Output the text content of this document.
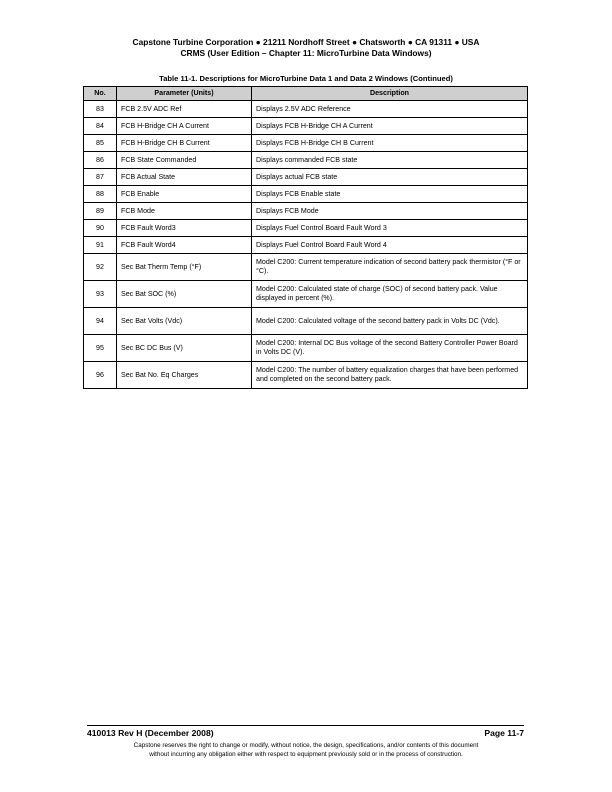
Capstone Turbine Corporation ● 21211 Nordhoff Street ● Chatsworth ● CA 91311 ● USA
CRMS (User Edition – Chapter 11: MicroTurbine Data Windows)
Table 11-1. Descriptions for MicroTurbine Data 1 and Data 2 Windows (Continued)
No.	Parameter (Units)	Description
83	FCB 2.5V ADC Ref	Displays 2.5V ADC Reference
84	FCB H-Bridge CH A Current	Displays FCB H-Bridge CH A Current
85	FCB H-Bridge CH B Current	Displays FCB H-Bridge CH B Current
86	FCB State Commanded	Displays commanded FCB state
87	FCB Actual State	Displays actual FCB state
88	FCB Enable	Displays FCB Enable state
89	FCB Mode	Displays FCB Mode
90	FCB Fault Word3	Displays Fuel Control Board Fault Word 3
91	FCB Fault Word4	Displays Fuel Control Board Fault Word 4
92	Sec Bat Therm Temp (°F)	Model C200: Current temperature indication of second battery pack thermistor (°F or °C).
93	Sec Bat SOC (%)	Model C200: Calculated state of charge (SOC) of second battery pack. Value displayed in percent (%).
94	Sec Bat Volts (Vdc)	Model C200: Calculated voltage of the second battery pack in Volts DC (Vdc).
95	Sec BC DC Bus (V)	Model C200: Internal DC Bus voltage of the second Battery Controller Power Board in Volts DC (V).
96	Sec Bat No. Eq Charges	Model C200: The number of battery equalization charges that have been performed and completed on the second battery pack.
410013 Rev H (December 2008)	Page 11-7
Capstone reserves the right to change or modify, without notice, the design, specifications, and/or contents of this document
without incurring any obligation either with respect to equipment previously sold or in the process of construction.
